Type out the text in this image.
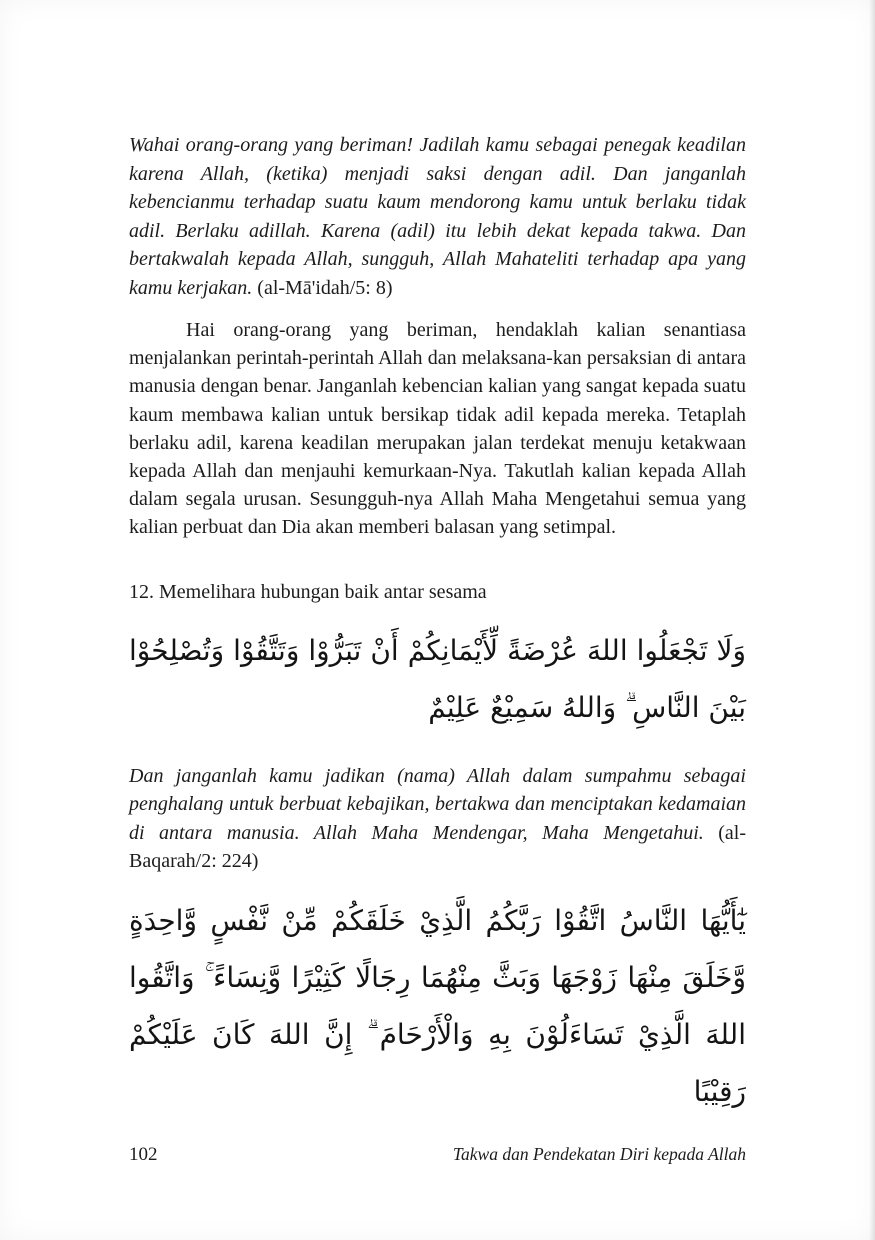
Wahai orang-orang yang beriman! Jadilah kamu sebagai penegak keadilan karena Allah, (ketika) menjadi saksi dengan adil. Dan janganlah kebencianmu terhadap suatu kaum mendorong kamu untuk berlaku tidak adil. Berlaku adillah. Karena (adil) itu lebih dekat kepada takwa. Dan bertakwalah kepada Allah, sungguh, Allah Mahateliti terhadap apa yang kamu kerjakan. (al-Mā'idah/5: 8)

Hai orang-orang yang beriman, hendaklah kalian senantiasa menjalankan perintah-perintah Allah dan melaksana-kan persaksian di antara manusia dengan benar. Janganlah kebencian kalian yang sangat kepada suatu kaum membawa kalian untuk bersikap tidak adil kepada mereka. Tetaplah berlaku adil, karena keadilan merupakan jalan terdekat menuju ketakwaan kepada Allah dan menjauhi kemurkaan-Nya. Takutlah kalian kepada Allah dalam segala urusan. Sesungguh-nya Allah Maha Mengetahui semua yang kalian perbuat dan Dia akan memberi balasan yang setimpal.

12. Memelihara hubungan baik antar sesama

وَلَا تَجْعَلُوا اللهَ عُرْضَةً لِّأَيْمَانِكُمْ أَنْ تَبَرُّوْا وَتَتَّقُوْا وَتُصْلِحُوْا بَيْنَ النَّاسِ ۗ وَاللهُ سَمِيْعٌ عَلِيْمٌ

Dan janganlah kamu jadikan (nama) Allah dalam sumpahmu sebagai penghalang untuk berbuat kebajikan, bertakwa dan menciptakan kedamaian di antara manusia. Allah Maha Mendengar, Maha Mengetahui. (al-Baqarah/2: 224)

يٰٓأَيُّهَا النَّاسُ اتَّقُوْا رَبَّكُمُ الَّذِيْ خَلَقَكُمْ مِّنْ نَّفْسٍ وَّاحِدَةٍ وَّخَلَقَ مِنْهَا زَوْجَهَا وَبَثَّ مِنْهُمَا رِجَالًا كَثِيْرًا وَّنِسَاءً ۚ وَاتَّقُوا اللهَ الَّذِيْ تَسَاءَلُوْنَ بِهِ وَالْأَرْحَامَ ۗ إِنَّ اللهَ كَانَ عَلَيْكُمْ رَقِيْبًا

102	Takwa dan Pendekatan Diri kepada Allah
